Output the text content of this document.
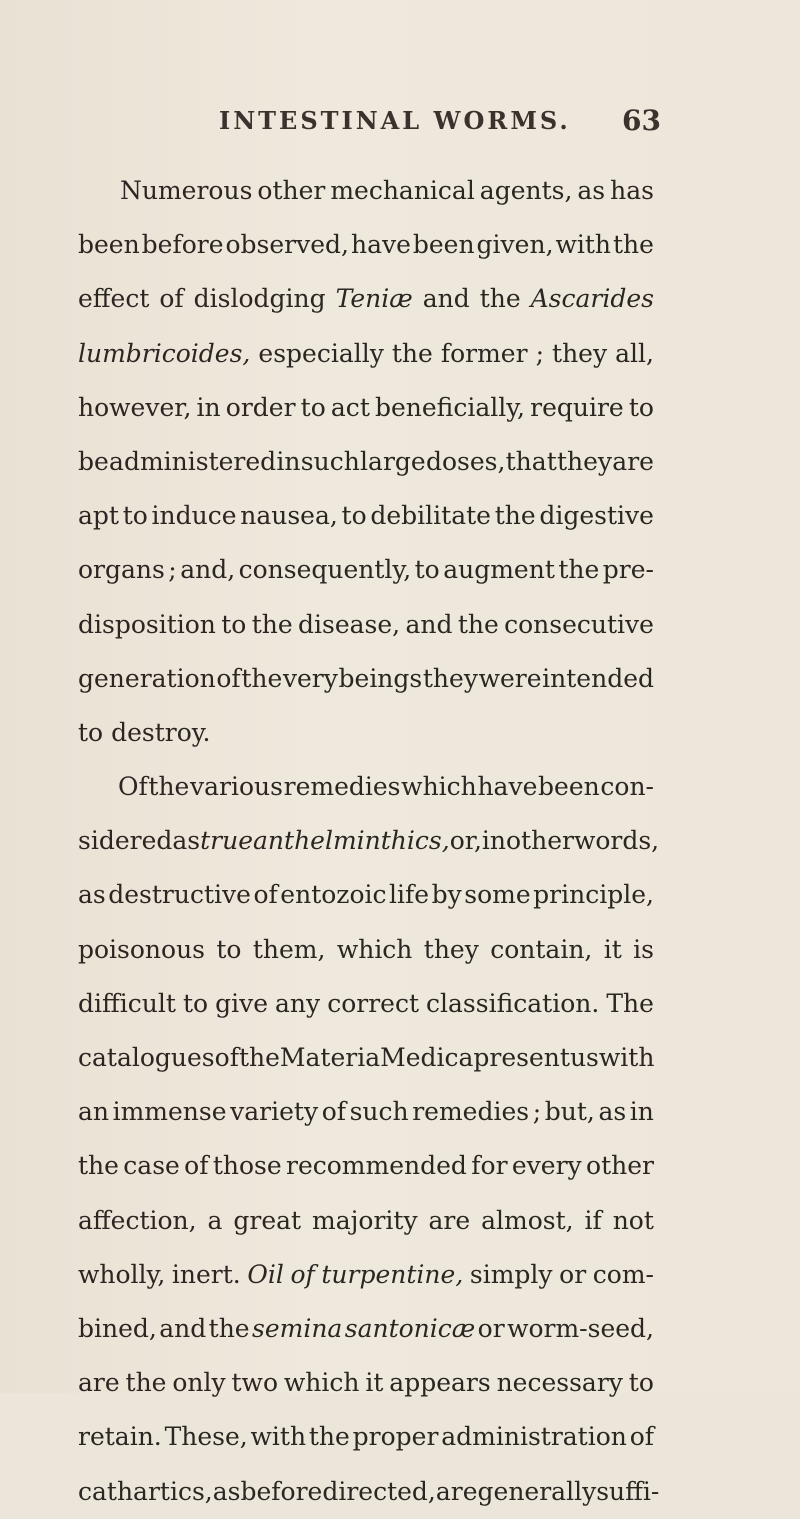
INTESTINAL WORMS. 63
Numerous other mechanical agents, as has
been before observed, have been given, with the
effect of dislodging Teniæ and the Ascarides
lumbricoides, especially the former ; they all,
however, in order to act beneficially, require to
be administered in such large doses, that they are
apt to induce nausea, to debilitate the digestive
organs ; and, consequently, to augment the pre-
disposition to the disease, and the consecutive
generation of the very beings they were intended
to
destroy.
Of the various remedies which have been con-
sidered as true anthelminthics, or, in other words,
as destructive of entozoic life by some principle,
poisonous to them, which they contain, it is
difficult to give any correct classification. The
catalogues of the Materia Medica present us with
an immense variety of such remedies ; but, as in
the case of those recommended for every other
affection, a great majority are almost, if not
wholly, inert. Oil of turpentine, simply or com-
bined, and the semina santonicæ or worm-seed,
are the only two which it appears necessary to
retain. These, with the proper administration of
cathartics, as before directed, are generally suffi-
